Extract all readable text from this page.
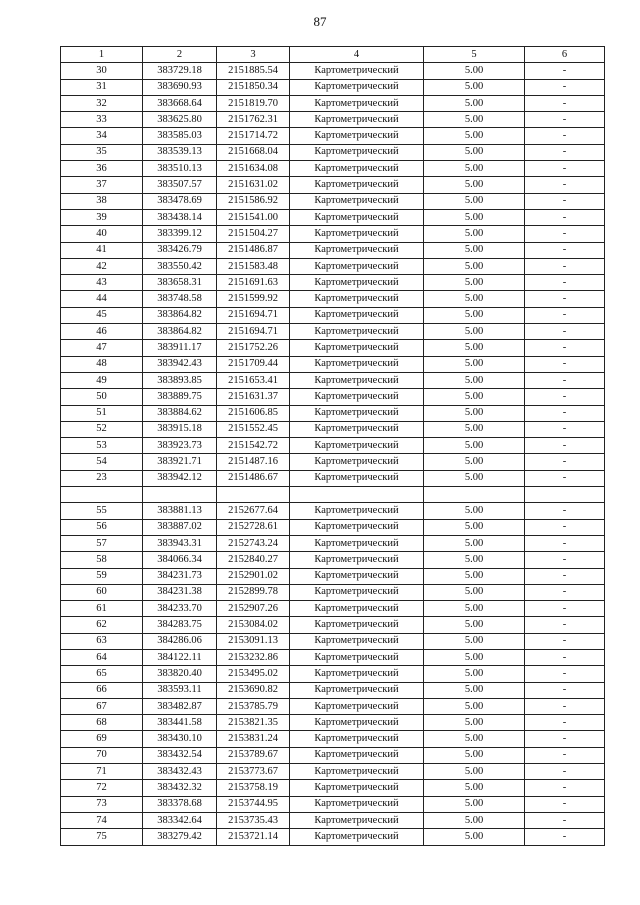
87
1	2	3	4	5	6
30	383729.18	2151885.54	Картометрический	5.00	-
31	383690.93	2151850.34	Картометрический	5.00	-
32	383668.64	2151819.70	Картометрический	5.00	-
33	383625.80	2151762.31	Картометрический	5.00	-
34	383585.03	2151714.72	Картометрический	5.00	-
35	383539.13	2151668.04	Картометрический	5.00	-
36	383510.13	2151634.08	Картометрический	5.00	-
37	383507.57	2151631.02	Картометрический	5.00	-
38	383478.69	2151586.92	Картометрический	5.00	-
39	383438.14	2151541.00	Картометрический	5.00	-
40	383399.12	2151504.27	Картометрический	5.00	-
41	383426.79	2151486.87	Картометрический	5.00	-
42	383550.42	2151583.48	Картометрический	5.00	-
43	383658.31	2151691.63	Картометрический	5.00	-
44	383748.58	2151599.92	Картометрический	5.00	-
45	383864.82	2151694.71	Картометрический	5.00	-
46	383864.82	2151694.71	Картометрический	5.00	-
47	383911.17	2151752.26	Картометрический	5.00	-
48	383942.43	2151709.44	Картометрический	5.00	-
49	383893.85	2151653.41	Картометрический	5.00	-
50	383889.75	2151631.37	Картометрический	5.00	-
51	383884.62	2151606.85	Картометрический	5.00	-
52	383915.18	2151552.45	Картометрический	5.00	-
53	383923.73	2151542.72	Картометрический	5.00	-
54	383921.71	2151487.16	Картометрический	5.00	-
23	383942.12	2151486.67	Картометрический	5.00	-

55	383881.13	2152677.64	Картометрический	5.00	-
56	383887.02	2152728.61	Картометрический	5.00	-
57	383943.31	2152743.24	Картометрический	5.00	-
58	384066.34	2152840.27	Картометрический	5.00	-
59	384231.73	2152901.02	Картометрический	5.00	-
60	384231.38	2152899.78	Картометрический	5.00	-
61	384233.70	2152907.26	Картометрический	5.00	-
62	384283.75	2153084.02	Картометрический	5.00	-
63	384286.06	2153091.13	Картометрический	5.00	-
64	384122.11	2153232.86	Картометрический	5.00	-
65	383820.40	2153495.02	Картометрический	5.00	-
66	383593.11	2153690.82	Картометрический	5.00	-
67	383482.87	2153785.79	Картометрический	5.00	-
68	383441.58	2153821.35	Картометрический	5.00	-
69	383430.10	2153831.24	Картометрический	5.00	-
70	383432.54	2153789.67	Картометрический	5.00	-
71	383432.43	2153773.67	Картометрический	5.00	-
72	383432.32	2153758.19	Картометрический	5.00	-
73	383378.68	2153744.95	Картометрический	5.00	-
74	383342.64	2153735.43	Картометрический	5.00	-
75	383279.42	2153721.14	Картометрический	5.00	-
